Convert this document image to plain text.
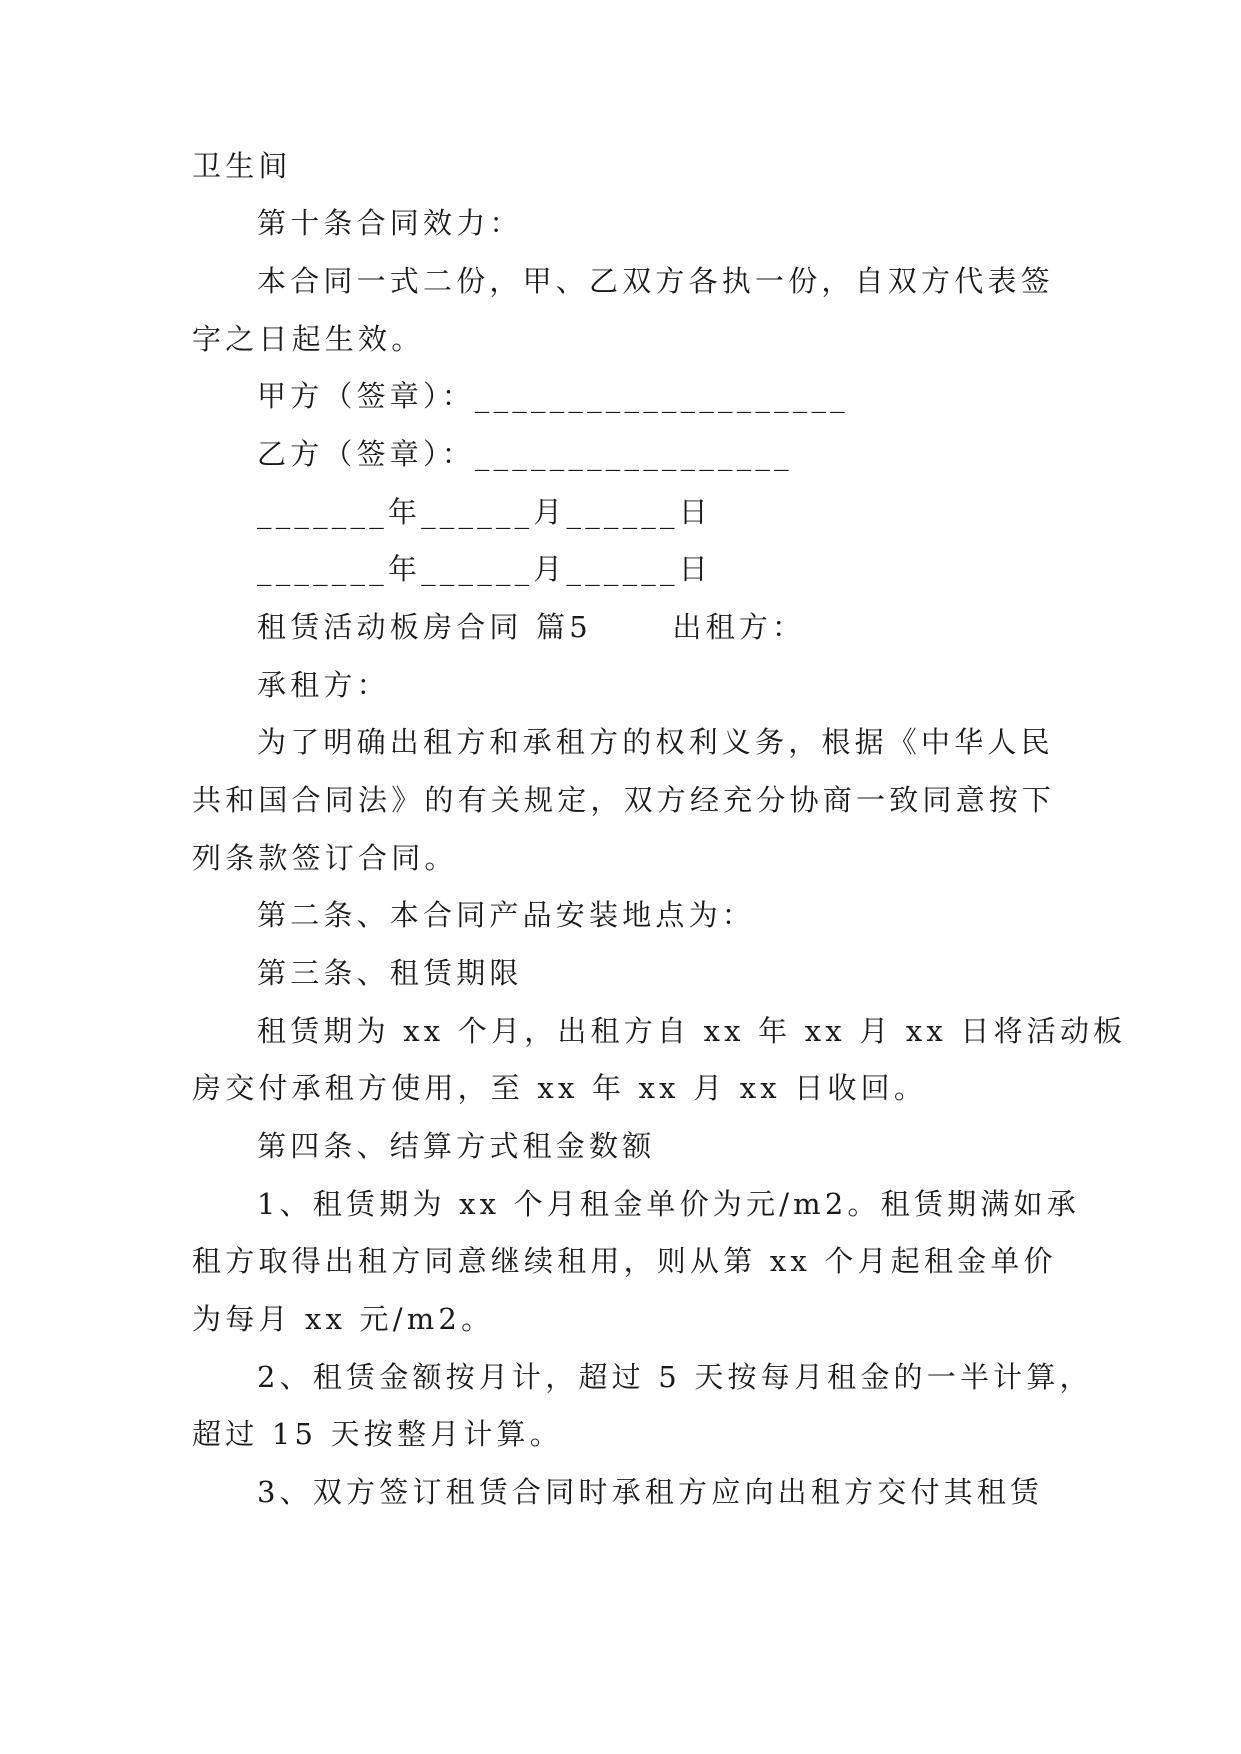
卫生间
第十条合同效力：
本合同一式二份，甲、乙双方各执一份，自双方代表签
字之日起生效。
甲方（签章）：____________________
乙方（签章）：_________________
_______年______月______日
_______年______月______日
租赁活动板房合同 篇5      出租方：
承租方：
为了明确出租方和承租方的权利义务，根据《中华人民
共和国合同法》的有关规定，双方经充分协商一致同意按下
列条款签订合同。
第二条、本合同产品安装地点为：
第三条、租赁期限
租赁期为 xx 个月，出租方自 xx 年 xx 月 xx 日将活动板
房交付承租方使用，至 xx 年 xx 月 xx 日收回。
第四条、结算方式租金数额
1、租赁期为 xx 个月租金单价为元/m2。租赁期满如承
租方取得出租方同意继续租用，则从第 xx 个月起租金单价
为每月 xx 元/m2。
2、租赁金额按月计，超过 5 天按每月租金的一半计算，
超过 15 天按整月计算。
3、双方签订租赁合同时承租方应向出租方交付其租赁
